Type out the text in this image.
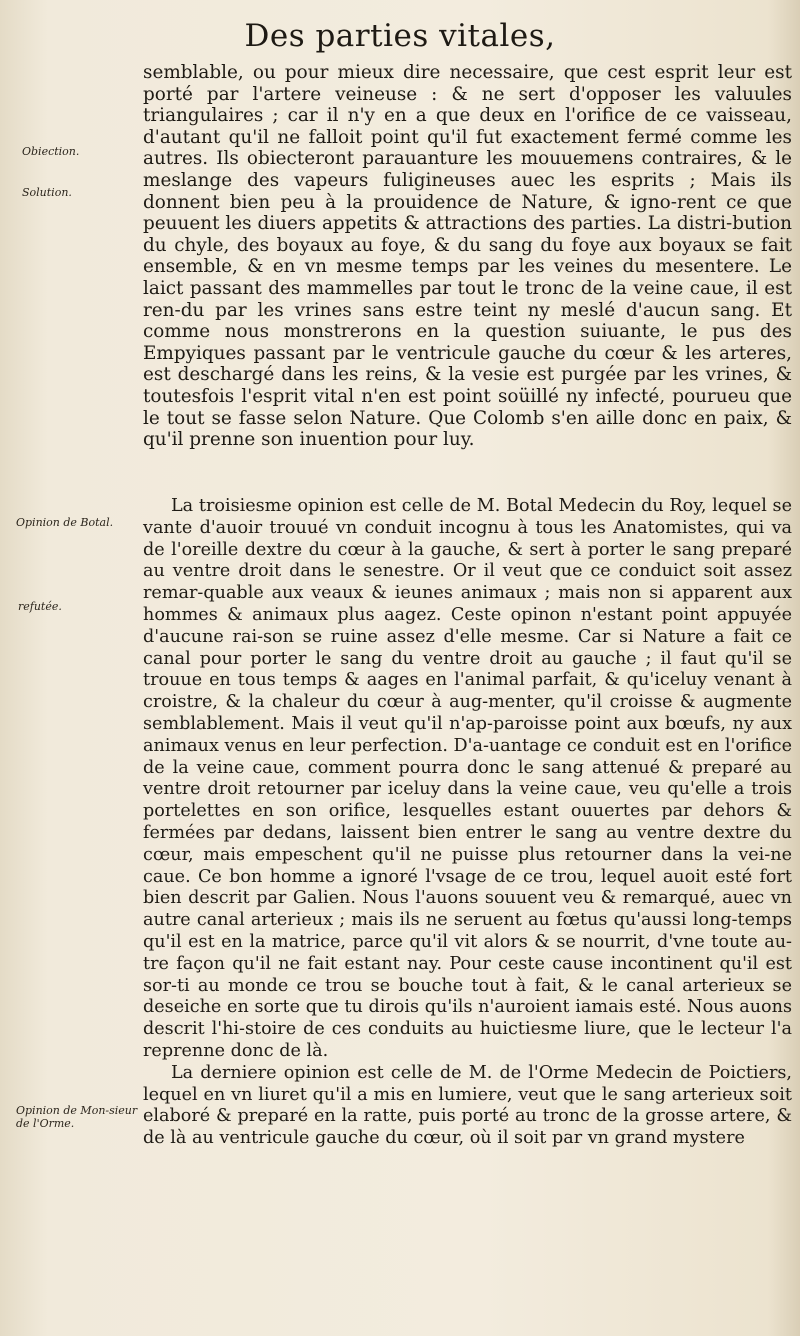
Des parties vitales,
Obiection.
Solution.
Opinion de Botal.
refutée.
Opinion de Mon-sieur de l'Orme.

semblable, ou pour mieux dire necessaire, que cest esprit leur est porté par l'artere veineuse : & ne sert d'opposer les valuules triangulaires ; car il n'y en a que deux en l'orifice de ce vaisseau, d'autant qu'il ne falloit point qu'il fut exactement fermé comme les autres. Ils obiecteront parauanture les mouuemens contraires, & le meslange des vapeurs fuligineuses auec les esprits ; Mais ils donnent bien peu à la prouidence de Nature, & igno-rent ce que peuuent les diuers appetits & attractions des parties. La distri-bution du chyle, des boyaux au foye, & du sang du foye aux boyaux se fait ensemble, & en vn mesme temps par les veines du mesentere. Le laict passant des mammelles par tout le tronc de la veine caue, il est ren-du par les vrines sans estre teint ny meslé d'aucun sang. Et comme nous monstrerons en la question suiuante, le pus des Empyiques passant par le ventricule gauche du cœur & les arteres, est deschargé dans les reins, & la vesie est purgée par les vrines, & toutesfois l'esprit vital n'en est point soüillé ny infecté, pourueu que le tout se fasse selon Nature. Que Colomb s'en aille donc en paix, & qu'il prenne son inuention pour luy.

La troisiesme opinion est celle de M. Botal Medecin du Roy, lequel se vante d'auoir trouué vn conduit incognu à tous les Anatomistes, qui va de l'oreille dextre du cœur à la gauche, & sert à porter le sang preparé au ventre droit dans le senestre. Or il veut que ce conduict soit assez remar-quable aux veaux & ieunes animaux ; mais non si apparent aux hommes & animaux plus aagez. Ceste opinon n'estant point appuyée d'aucune rai-son se ruine assez d'elle mesme. Car si Nature a fait ce canal pour porter le sang du ventre droit au gauche ; il faut qu'il se trouue en tous temps & aages en l'animal parfait, & qu'iceluy venant à croistre, & la chaleur du cœur à aug-menter, qu'il croisse & augmente semblablement. Mais il veut qu'il n'ap-paroisse point aux bœufs, ny aux animaux venus en leur perfection. D'a-uantage ce conduit est en l'orifice de la veine caue, comment pourra donc le sang attenué & preparé au ventre droit retourner par iceluy dans la veine caue, veu qu'elle a trois portelettes en son orifice, lesquelles estant ouuertes par dehors & fermées par dedans, laissent bien entrer le sang au ventre dextre du cœur, mais empeschent qu'il ne puisse plus retourner dans la vei-ne caue. Ce bon homme a ignoré l'vsage de ce trou, lequel auoit esté fort bien descrit par Galien. Nous l'auons souuent veu & remarqué, auec vn autre canal arterieux ; mais ils ne seruent au fœtus qu'aussi long-temps qu'il est en la matrice, parce qu'il vit alors & se nourrit, d'vne toute au-tre façon qu'il ne fait estant nay. Pour ceste cause incontinent qu'il est sor-ti au monde ce trou se bouche tout à fait, & le canal arterieux se deseiche en sorte que tu dirois qu'ils n'auroient iamais esté. Nous auons descrit l'hi-stoire de ces conduits au huictiesme liure, que le lecteur l'a reprenne donc de là.

La derniere opinion est celle de M. de l'Orme Medecin de Poictiers, lequel en vn liuret qu'il a mis en lumiere, veut que le sang arterieux soit elaboré & preparé en la ratte, puis porté au tronc de la grosse artere, & de là au ventricule gauche du cœur, où il soit par vn grand mystere
